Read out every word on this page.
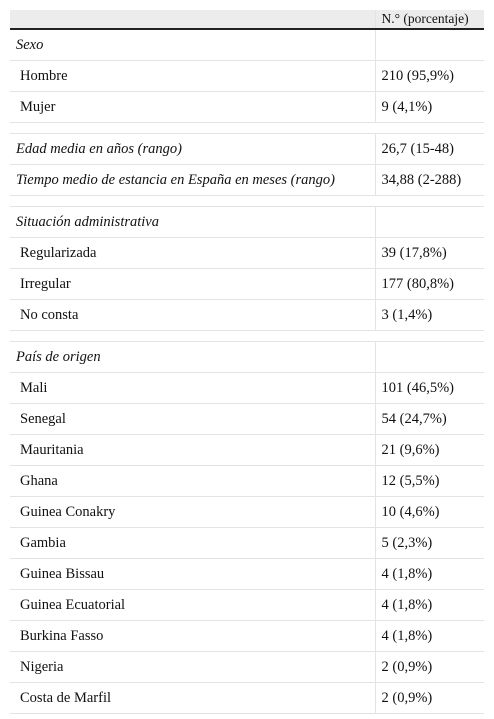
	N.° (porcentaje)
Sexo	
Hombre	210 (95,9%)
Mujer	9 (4,1%)

Edad media en años (rango)	26,7 (15-48)
Tiempo medio de estancia en España en meses (rango)	34,88 (2-288)

Situación administrativa	
Regularizada	39 (17,8%)
Irregular	177 (80,8%)
No consta	3 (1,4%)

País de origen	
Mali	101 (46,5%)
Senegal	54 (24,7%)
Mauritania	21 (9,6%)
Ghana	12 (5,5%)
Guinea Conakry	10 (4,6%)
Gambia	5 (2,3%)
Guinea Bissau	4 (1,8%)
Guinea Ecuatorial	4 (1,8%)
Burkina Fasso	4 (1,8%)
Nigeria	2 (0,9%)
Costa de Marfil	2 (0,9%)
